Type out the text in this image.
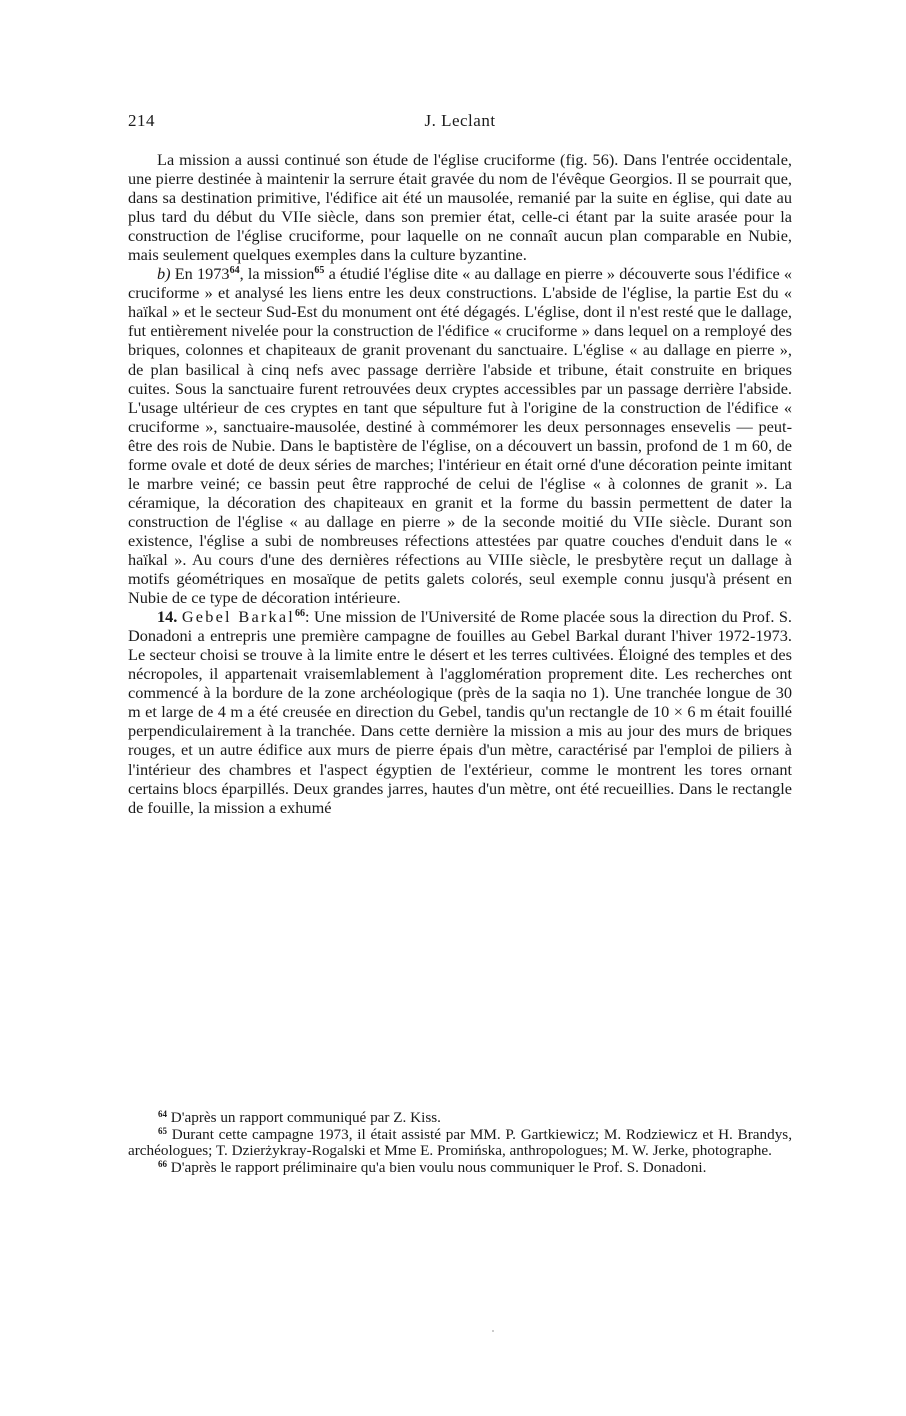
214	J. Leclant

La mission a aussi continué son étude de l'église cruciforme (fig. 56). Dans l'entrée occidentale, une pierre destinée à maintenir la serrure était gravée du nom de l'évêque Georgios. Il se pourrait que, dans sa destination primitive, l'édifice ait été un mausolée, remanié par la suite en église, qui date au plus tard du début du VIIe siècle, dans son premier état, celle-ci étant par la suite arasée pour la construction de l'église cruciforme, pour laquelle on ne connaît aucun plan comparable en Nubie, mais seulement quelques exemples dans la culture byzantine.

b) En 1973$^{64}$, la mission$^{65}$ a étudié l'église dite « au dallage en pierre » découverte sous l'édifice « cruciforme » et analysé les liens entre les deux constructions. L'abside de l'église, la partie Est du « haïkal » et le secteur Sud-Est du monument ont été dégagés. L'église, dont il n'est resté que le dallage, fut entièrement nivelée pour la construction de l'édifice « cruciforme » dans lequel on a remployé des briques, colonnes et chapiteaux de granit provenant du sanctuaire. L'église « au dallage en pierre », de plan basilical à cinq nefs avec passage derrière l'abside et tribune, était construite en briques cuites. Sous la sanctuaire furent retrouvées deux cryptes accessibles par un passage derrière l'abside. L'usage ultérieur de ces cryptes en tant que sépulture fut à l'origine de la construction de l'édifice « cruciforme », sanctuaire-mausolée, destiné à commémorer les deux personnages ensevelis — peut-être des rois de Nubie. Dans le baptistère de l'église, on a découvert un bassin, profond de 1 m 60, de forme ovale et doté de deux séries de marches; l'intérieur en était orné d'une décoration peinte imitant le marbre veiné; ce bassin peut être rapproché de celui de l'église « à colonnes de granit ». La céramique, la décoration des chapiteaux en granit et la forme du bassin permettent de dater la construction de l'église « au dallage en pierre » de la seconde moitié du VIIe siècle. Durant son existence, l'église a subi de nombreuses réfections attestées par quatre couches d'enduit dans le « haïkal ». Au cours d'une des dernières réfections au VIIIe siècle, le presbytère reçut un dallage à motifs géométriques en mosaïque de petits galets colorés, seul exemple connu jusqu'à présent en Nubie de ce type de décoration intérieure.

14. Gebel Barkal$^{66}$: Une mission de l'Université de Rome placée sous la direction du Prof. S. Donadoni a entrepris une première campagne de fouilles au Gebel Barkal durant l'hiver 1972-1973. Le secteur choisi se trouve à la limite entre le désert et les terres cultivées. Éloigné des temples et des nécropoles, il appartenait vraisemlablement à l'agglomération proprement dite. Les recherches ont commencé à la bordure de la zone archéologique (près de la saqia no 1). Une tranchée longue de 30 m et large de 4 m a été creusée en direction du Gebel, tandis qu'un rectangle de 10 × 6 m était fouillé perpendiculairement à la tranchée. Dans cette dernière la mission a mis au jour des murs de briques rouges, et un autre édifice aux murs de pierre épais d'un mètre, caractérisé par l'emploi de piliers à l'intérieur des chambres et l'aspect égyptien de l'extérieur, comme le montrent les tores ornant certains blocs éparpillés. Deux grandes jarres, hautes d'un mètre, ont été recueillies. Dans le rectangle de fouille, la mission a exhumé

$^{64}$ D'après un rapport communiqué par Z. Kiss.

$^{65}$ Durant cette campagne 1973, il était assisté par MM. P. Gartkiewicz; M. Rodziewicz et H. Brandys, archéologues; T. Dzierżykray-Rogalski et Mme E. Promińska, anthropologues; M. W. Jerke, photographe.

$^{66}$ D'après le rapport préliminaire qu'a bien voulu nous communiquer le Prof. S. Donadoni.
